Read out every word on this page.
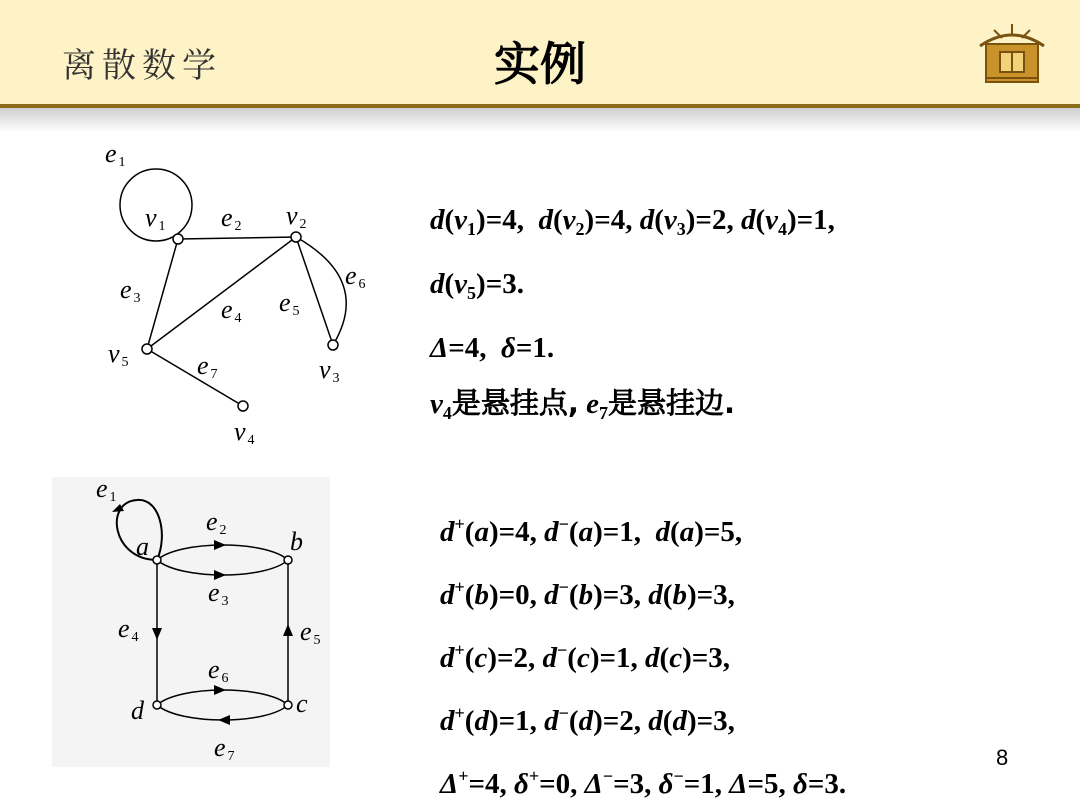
离散数学	实例
e 1
v 1 e 2 v 2
e 6
e 3	e 4
e 5
v 5	e 7	v 3
v 4
$d(v_1)=4$, $d(v_2)=4$, $d(v_3)=2$, $d(v_4)=1$,
$d(v_5)=3$.
Δ=4, δ=1.
$v_4$是悬挂点, $e_7$是悬挂边.
e 1
a
e 2 b
e 3
e 4	e 5
e 6
d	c
e 7
d+(a)=4, d−(a)=1, d(a)=5,
d+(b)=0, d−(b)=3, d(b)=3,
d+(c)=2, d−(c)=1, d(c)=3,
d+(d)=1, d−(d)=2, d(d)=3,
Δ+=4, δ+=0, Δ−=3, δ−=1, Δ=5, δ=3.
8
